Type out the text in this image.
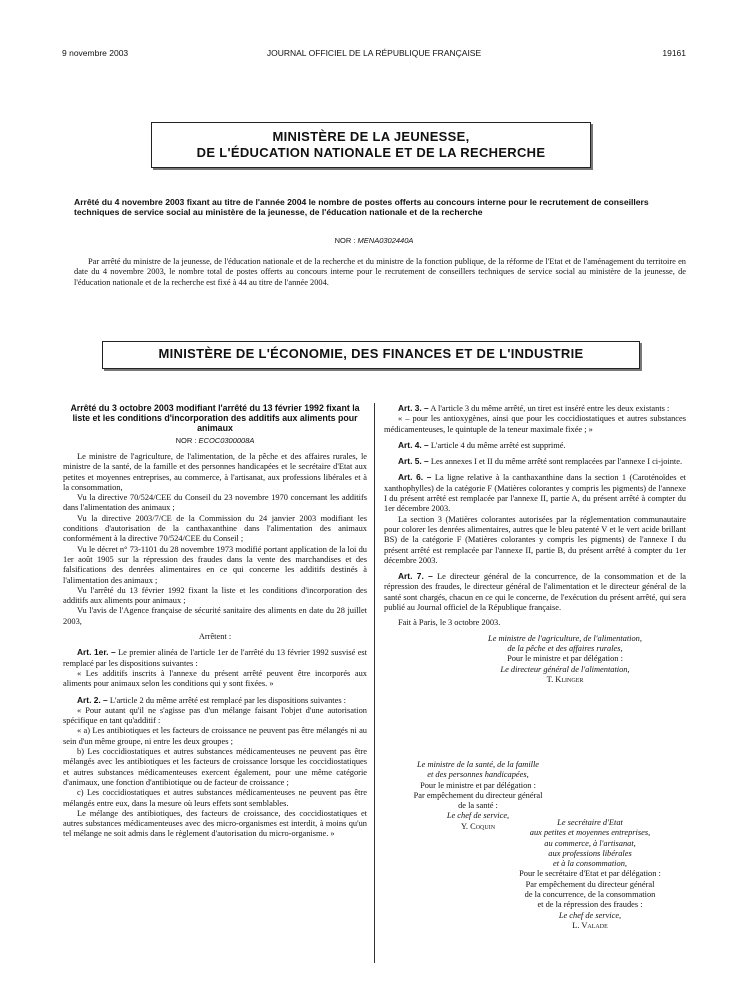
9 novembre 2003	JOURNAL OFFICIEL DE LA RÉPUBLIQUE FRANÇAISE	19161
MINISTÈRE DE LA JEUNESSE,
DE L'ÉDUCATION NATIONALE ET DE LA RECHERCHE
Arrêté du 4 novembre 2003 fixant au titre de l'année 2004 le nombre de postes offerts au concours interne pour le recrutement de conseillers techniques de service social au ministère de la jeunesse, de l'éducation nationale et de la recherche
NOR : MENA0302440A

Par arrêté du ministre de la jeunesse, de l'éducation nationale et de la recherche et du ministre de la fonction publique, de la réforme de l'Etat et de l'aménagement du territoire en date du 4 novembre 2003, le nombre total de postes offerts au concours interne pour le recrutement de conseillers techniques de service social au ministère de la jeunesse, de l'éducation nationale et de la recherche est fixé à 44 au titre de l'année 2004.

MINISTÈRE DE L'ÉCONOMIE, DES FINANCES ET DE L'INDUSTRIE
Arrêté du 3 octobre 2003 modifiant l'arrêté du 13 février 1992 fixant la liste et les conditions d'incorporation des additifs aux aliments pour animaux
NOR : ECOC0300008A

Le ministre de l'agriculture, de l'alimentation, de la pêche et des affaires rurales, le ministre de la santé, de la famille et des personnes handicapées et le secrétaire d'Etat aux petites et moyennes entreprises, au commerce, à l'artisanat, aux professions libérales et à la consommation,

Vu la directive 70/524/CEE du Conseil du 23 novembre 1970 concernant les additifs dans l'alimentation des animaux ;

Vu la directive 2003/7/CE de la Commission du 24 janvier 2003 modifiant les conditions d'autorisation de la canthaxanthine dans l'alimentation des animaux conformément à la directive 70/524/CEE du Conseil ;

Vu le décret n° 73-1101 du 28 novembre 1973 modifié portant application de la loi du 1er août 1905 sur la répression des fraudes dans la vente des marchandises et des falsifications des denrées alimentaires en ce qui concerne les additifs destinés à l'alimentation des animaux ;

Vu l'arrêté du 13 février 1992 fixant la liste et les conditions d'incorporation des additifs aux aliments pour animaux ;

Vu l'avis de l'Agence française de sécurité sanitaire des aliments en date du 28 juillet 2003,

Arrêtent :

Art. 1er. – Le premier alinéa de l'article 1er de l'arrêté du 13 février 1992 susvisé est remplacé par les dispositions suivantes :

« Les additifs inscrits à l'annexe du présent arrêté peuvent être incorporés aux aliments pour animaux selon les conditions qui y sont fixées. »

Art. 2. – L'article 2 du même arrêté est remplacé par les dispositions suivantes :

« Pour autant qu'il ne s'agisse pas d'un mélange faisant l'objet d'une autorisation spécifique en tant qu'additif :

« a) Les antibiotiques et les facteurs de croissance ne peuvent pas être mélangés ni au sein d'un même groupe, ni entre les deux groupes ;

b) Les coccidiostatiques et autres substances médicamenteuses ne peuvent pas être mélangés avec les antibiotiques et les facteurs de croissance lorsque les coccidiostatiques et autres substances médicamenteuses exercent également, pour une même catégorie d'animaux, une fonction d'antibiotique ou de facteur de croissance ;

c) Les coccidiostatiques et autres substances médicamenteuses ne peuvent pas être mélangés entre eux, dans la mesure où leurs effets sont semblables.

Le mélange des antibiotiques, des facteurs de croissance, des coccidiostatiques et autres substances médicamenteuses avec des micro-organismes est interdit, à moins qu'un tel mélange ne soit admis dans le règlement d'autorisation du micro-organisme. »

Art. 3. – A l'article 3 du même arrêté, un tiret est inséré entre les deux existants :

« – pour les antioxygènes, ainsi que pour les coccidiostatiques et autres substances médicamenteuses, le quintuple de la teneur maximale fixée ; »

Art. 4. – L'article 4 du même arrêté est supprimé.

Art. 5. – Les annexes I et II du même arrêté sont remplacées par l'annexe I ci-jointe.

Art. 6. – La ligne relative à la canthaxanthine dans la section 1 (Caroténoïdes et xanthophylles) de la catégorie F (Matières colorantes y compris les pigments) de l'annexe I du présent arrêté est remplacée par l'annexe II, partie A, du présent arrêté à compter du 1er décembre 2003.

La section 3 (Matières colorantes autorisées par la réglementation communautaire pour colorer les denrées alimentaires, autres que le bleu patenté V et le vert acide brillant BS) de la catégorie F (Matières colorantes y compris les pigments) de l'annexe I du présent arrêté est remplacée par l'annexe II, partie B, du présent arrêté à compter du 1er décembre 2003.

Art. 7. – Le directeur général de la concurrence, de la consommation et de la répression des fraudes, le directeur général de l'alimentation et le directeur général de la santé sont chargés, chacun en ce qui le concerne, de l'exécution du présent arrêté, qui sera publié au Journal officiel de la République française.

Fait à Paris, le 3 octobre 2003.

Le ministre de l'agriculture, de l'alimentation,

de la pêche et des affaires rurales,

Pour le ministre et par délégation :

Le directeur général de l'alimentation,

T. Klinger

Le ministre de la santé, de la famille

et des personnes handicapées,

Pour le ministre et par délégation :

Par empêchement du directeur général

de la santé :

Le chef de service,

Y. Coquin	Le secrétaire d'Etat

aux petites et moyennes entreprises,

au commerce, à l'artisanat,

aux professions libérales

et à la consommation,

Pour le secrétaire d'Etat et par délégation :

Par empêchement du directeur général

de la concurrence, de la consommation

et de la répression des fraudes :

Le chef de service,

L. Valade
